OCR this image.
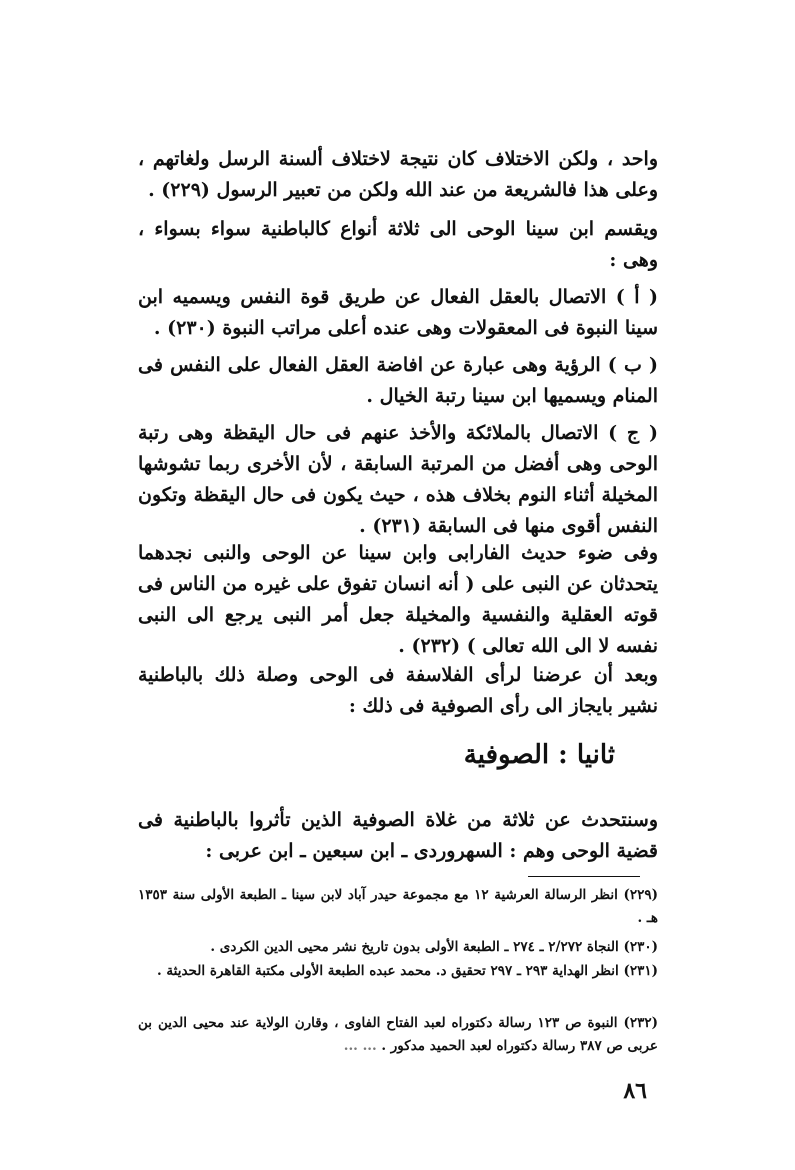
واحد ، ولكن الاختلاف كان نتيجة لاختلاف ألسنة الرسل ولغاتهم ، وعلى هذا فالشريعة من عند الله ولكن من تعبير الرسول (٢٢٩) .
ويقسم ابن سينا الوحى الى ثلاثة أنواع كالباطنية سواء بسواء ، وهى :
( أ ) الاتصال بالعقل الفعال عن طريق قوة النفس ويسميه ابن سينا النبوة فى المعقولات وهى عنده أعلى مراتب النبوة (٢٣٠) .
( ب ) الرؤية وهى عبارة عن افاضة العقل الفعال على النفس فى المنام ويسميها ابن سينا رتبة الخيال .
( ج ) الاتصال بالملائكة والأخذ عنهم فى حال اليقظة وهى رتبة الوحى وهى أفضل من المرتبة السابقة ، لأن الأخرى ربما تشوشها المخيلة أثناء النوم بخلاف هذه ، حيث يكون فى حال اليقظة وتكون النفس أقوى منها فى السابقة (٢٣١) .
وفى ضوء حديث الفارابى وابن سينا عن الوحى والنبى نجدهما يتحدثان عن النبى على ( أنه انسان تفوق على غيره من الناس فى قوته العقلية والنفسية والمخيلة جعل أمر النبى يرجع الى النبى نفسه لا الى الله تعالى ) (٢٣٢) .
وبعد أن عرضنا لرأى الفلاسفة فى الوحى وصلة ذلك بالباطنية نشير بايجاز الى رأى الصوفية فى ذلك :
ثانيا : الصوفية
وسنتحدث عن ثلاثة من غلاة الصوفية الذين تأثروا بالباطنية فى قضية الوحى وهم : السهروردى ـ ابن سبعين ـ ابن عربى :
(٢٢٩) انظر الرسالة العرشية ١٢ مع مجموعة حيدر آباد لابن سينا ـ الطبعة الأولى سنة ١٣٥٣ هـ .
(٢٣٠) النجاة ٢/٢٧٢ ـ ٢٧٤ ـ الطبعة الأولى بدون تاريخ نشر محيى الدين الكردى .
(٢٣١) انظر الهداية ٢٩٣ ـ ٢٩٧ تحقيق د. محمد عبده الطبعة الأولى مكتبة القاهرة الحديثة .
(٢٣٢) النبوة ص ١٢٣ رسالة دكتوراه لعبد الفتاح الفاوى ، وقارن الولاية عند محيى الدين بن عربى ص ٣٨٧ رسالة دكتوراه لعبد الحميد مدكور . ... ...
٨٦
